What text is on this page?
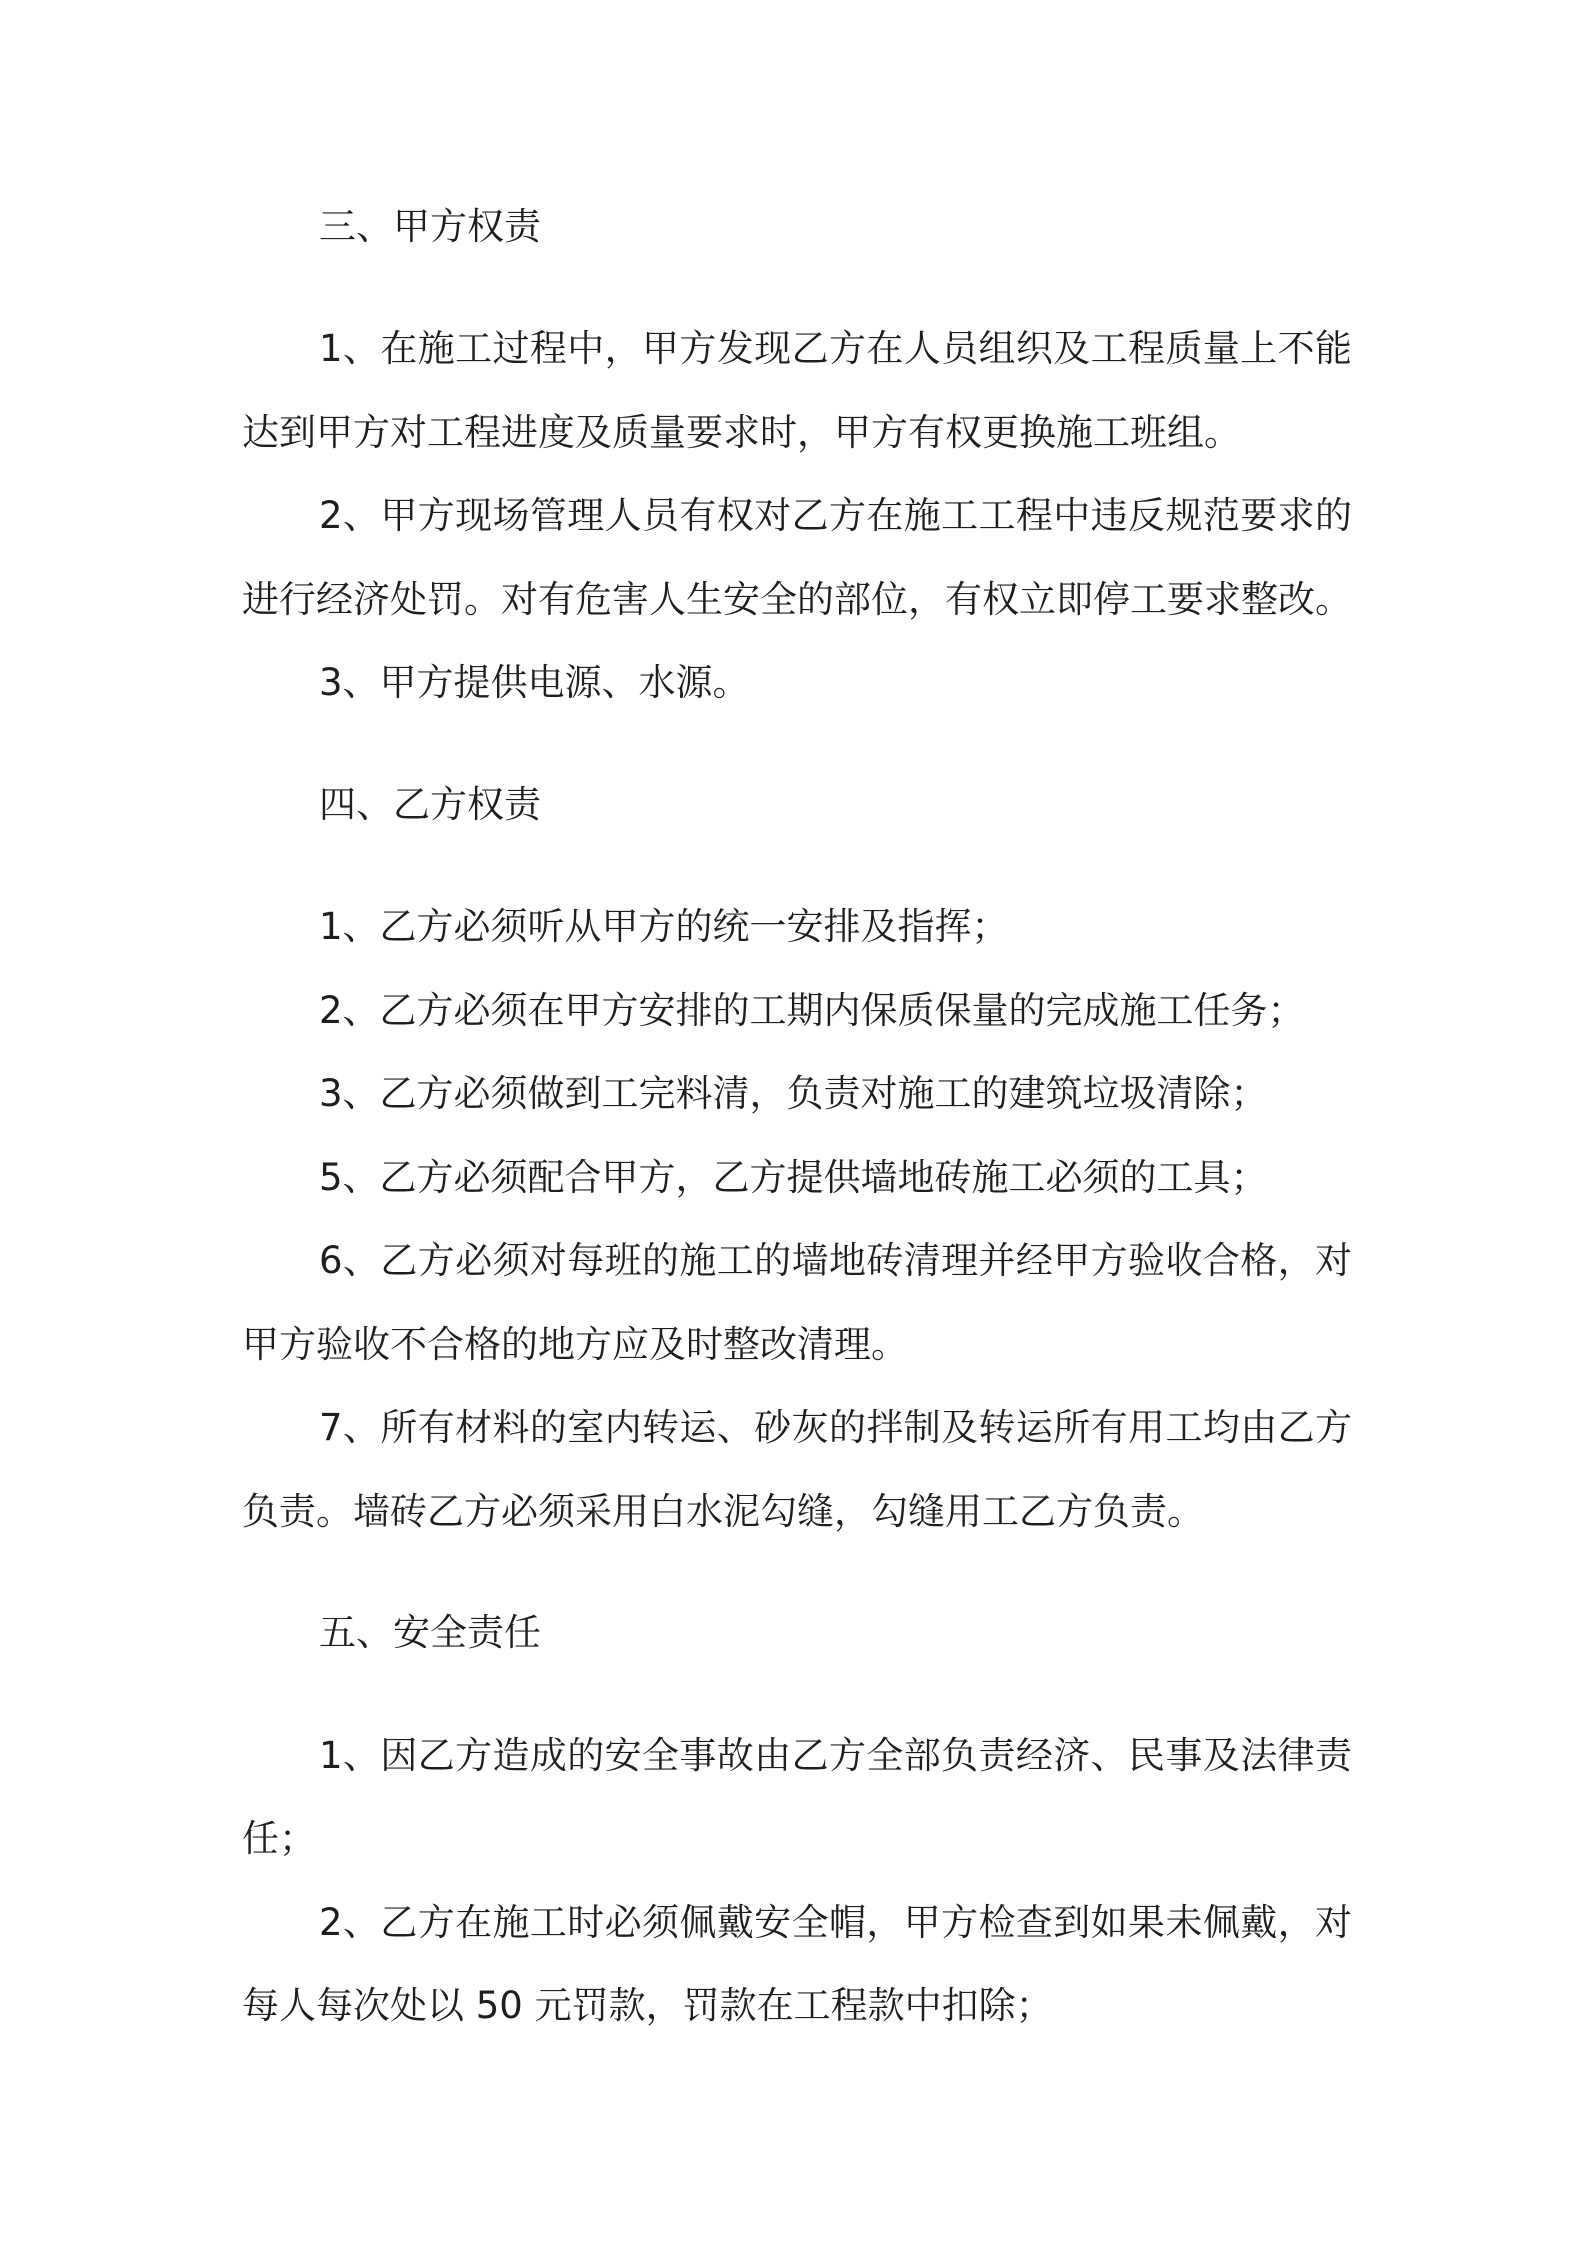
三、甲方权责
1、在施工过程中，甲方发现乙方在人员组织及工程质量上不能
达到甲方对工程进度及质量要求时，甲方有权更换施工班组。
2、甲方现场管理人员有权对乙方在施工工程中违反规范要求的
进行经济处罚。对有危害人生安全的部位，有权立即停工要求整改。
3、甲方提供电源、水源。
四、乙方权责
1、乙方必须听从甲方的统一安排及指挥；
2、乙方必须在甲方安排的工期内保质保量的完成施工任务；
3、乙方必须做到工完料清，负责对施工的建筑垃圾清除；
5、乙方必须配合甲方，乙方提供墙地砖施工必须的工具；
6、乙方必须对每班的施工的墙地砖清理并经甲方验收合格，对
甲方验收不合格的地方应及时整改清理。
7、所有材料的室内转运、砂灰的拌制及转运所有用工均由乙方
负责。墙砖乙方必须采用白水泥勾缝，勾缝用工乙方负责。
五、安全责任
1、因乙方造成的安全事故由乙方全部负责经济、民事及法律责
任；
2、乙方在施工时必须佩戴安全帽，甲方检查到如果未佩戴，对
每人每次处以 50 元罚款，罚款在工程款中扣除；
